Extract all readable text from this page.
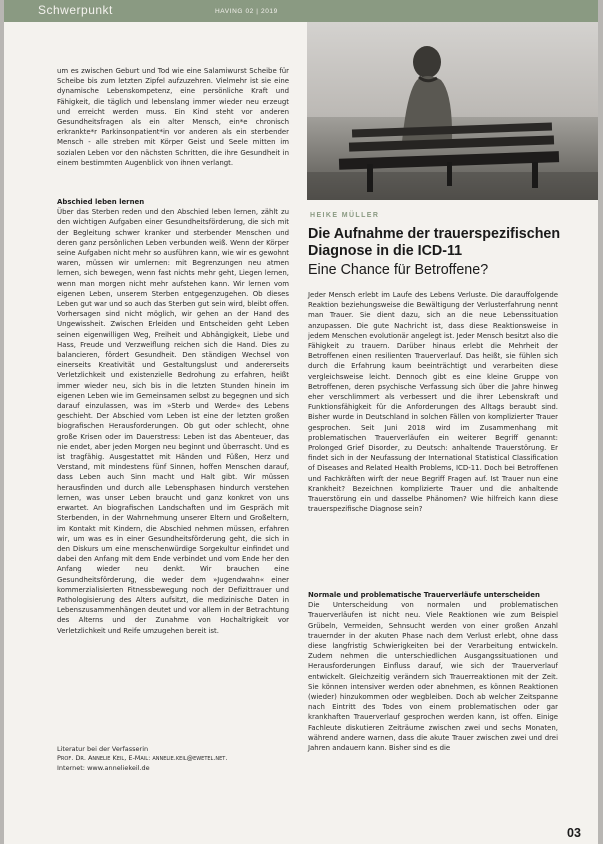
Schwerpunkt	HAVING 02 | 2019

um es zwischen Geburt und Tod wie eine Salamiwurst Scheibe für Scheibe bis zum letzten Zipfel aufzuzehren. Vielmehr ist sie eine dynamische Lebenskompetenz, eine persönliche Kraft und Fähigkeit, die täglich und lebenslang immer wieder neu erzeugt und erreicht werden muss. Ein Kind steht vor anderen Gesundheitsfragen als ein alter Mensch, ein*e chronisch erkrankte*r Parkinsonpatient*in vor anderen als ein sterbender Mensch - alle streben mit Körper Geist und Seele mitten im sozialen Leben vor den nächsten Schritten, die ihre Gesundheit in einem bestimmten Augenblick von ihnen verlangt.

Abschied leben lernen

Über das Sterben reden und den Abschied leben lernen, zählt zu den wichtigen Aufgaben einer Gesundheitsförderung, die sich mit der Begleitung schwer kranker und sterbender Menschen und deren ganz persönlichen Leben verbunden weiß. Wenn der Körper seine Aufgaben nicht mehr so ausführen kann, wie wir es gewohnt waren, müssen wir umlernen: mit Begrenzungen neu atmen lernen, sich bewegen, wenn fast nichts mehr geht, Liegen lernen, wenn man morgen nicht mehr aufstehen kann. Wir lernen vom eigenen Leben, unserem Sterben entgegenzugehen. Ob dieses Leben gut war und so auch das Sterben gut sein wird, bleibt offen. Vorhersagen sind nicht möglich, wir gehen an der Hand des Ungewissheit. Zwischen Erleiden und Entscheiden geht Leben seinen eigenwilligen Weg, Freiheit und Abhängigkeit, Liebe und Hass, Freude und Verzweiflung reichen sich die Hand. Dies zu balancieren, fördert Gesundheit. Den ständigen Wechsel von einerseits Kreativität und Gestaltungslust und andererseits Verletzlichkeit und existenzielle Bedrohung zu erfahren, heißt immer wieder neu, sich bis in die letzten Stunden hinein im eigenen Leben wie im Gemeinsamen selbst zu begegnen und sich darauf einzulassen, was im »Sterb und Werde« des Lebens geschieht. Der Abschied vom Leben ist eine der letzten großen biografischen Herausforderungen. Ob gut oder schlecht, ohne große Krisen oder im Dauerstress: Leben ist das Abenteuer, das nie endet, aber jeden Morgen neu beginnt und überrascht. Und es ist tragfähig. Ausgestattet mit Händen und Füßen, Herz und Verstand, mit mindestens fünf Sinnen, hoffen Menschen darauf, dass Leben auch Sinn macht und Halt gibt. Wir müssen herausfinden und durch alle Lebensphasen hindurch verstehen lernen, was unser Leben braucht und ganz konkret von uns erwartet. An biografischen Landschaften und im Gespräch mit Sterbenden, in der Wahrnehmung unserer Eltern und Großeltern, im Kontakt mit Kindern, die Abschied nehmen müssen, erfahren wir, um was es in einer Gesundheitsförderung geht, die sich in den Diskurs um eine menschenwürdige Sorgekultur einfindet und dabei den Anfang mit dem Ende verbindet und vom Ende her den Anfang wieder neu denkt. Wir brauchen eine Gesundheitsförderung, die weder dem »Jugendwahn« einer kommerzialisierten Fitnessbewegung noch der Defizittrauer und Pathologisierung des Alters aufsitzt, die medizinische Daten in Lebenszusammenhängen deutet und vor allem in der Betrachtung des Alterns und der Zunahme von Hochaltrigkeit vor Verletzlichkeit und Reife umzugehen bereit ist.

Literatur bei der Verfasserin
Prof. Dr. Annelie Keil, E-Mail: annelie.keil@ewetel.net.
Internet: www.anneliekeil.de
HEIKE MÜLLER
Die Aufnahme der trauerspezifischen Diagnose in die ICD-11
Eine Chance für Betroffene?

Jeder Mensch erlebt im Laufe des Lebens Verluste. Die darauffolgende Reaktion beziehungsweise die Bewältigung der Verlusterfahrung nennt man Trauer. Sie dient dazu, sich an die neue Lebenssituation anzupassen. Die gute Nachricht ist, dass diese Reaktionsweise in jedem Menschen evolutionär angelegt ist. Jeder Mensch besitzt also die Fähigkeit zu trauern. Darüber hinaus erlebt die Mehrheit der Betroffenen einen resilienten Trauerverlauf. Das heißt, sie fühlen sich durch die Erfahrung kaum beeinträchtigt und verarbeiten diese vergleichsweise leicht. Dennoch gibt es eine kleine Gruppe von Betroffenen, deren psychische Verfassung sich über die Jahre hinweg eher verschlimmert als verbessert und die ihrer Lebenskraft und Funktionsfähigkeit für die Anforderungen des Alltags beraubt sind. Bisher wurde in Deutschland in solchen Fällen von komplizierter Trauer gesprochen. Seit Juni 2018 wird im Zusammenhang mit problematischen Trauerverläufen ein weiterer Begriff genannt: Prolonged Grief Disorder, zu Deutsch: anhaltende Trauerstörung. Er findet sich in der Neufassung der International Statistical Classification of Diseases and Related Health Problems, ICD-11. Doch bei Betroffenen und Fachkräften wirft der neue Begriff Fragen auf. Ist Trauer nun eine Krankheit? Bezeichnen komplizierte Trauer und die anhaltende Trauerstörung ein und dasselbe Phänomen? Wie hilfreich kann diese trauerspezifische Diagnose sein?

Normale und problematische Trauerverläufe unterscheiden

Die Unterscheidung von normalen und problematischen Trauerverläufen ist nicht neu. Viele Reaktionen wie zum Beispiel Grübeln, Vermeiden, Sehnsucht werden von einer großen Anzahl trauernder in der akuten Phase nach dem Verlust erlebt, ohne dass diese langfristig Schwierigkeiten bei der Verarbeitung entwickeln. Zudem nehmen die unterschiedlichen Ausgangssituationen und Herausforderungen Einfluss darauf, wie sich der Trauerverlauf entwickelt. Gleichzeitig verändern sich Trauerreaktionen mit der Zeit. Sie können intensiver werden oder abnehmen, es können Reaktionen (wieder) hinzukommen oder wegbleiben. Doch ab welcher Zeitspanne nach Eintritt des Todes von einem problematischen oder gar krankhaften Trauerverlauf gesprochen werden kann, ist offen. Einige Fachleute diskutieren Zeiträume zwischen zwei und sechs Monaten, während andere warnen, dass die akute Trauer zwischen zwei und drei Jahren andauern kann. Bisher sind es die

03
